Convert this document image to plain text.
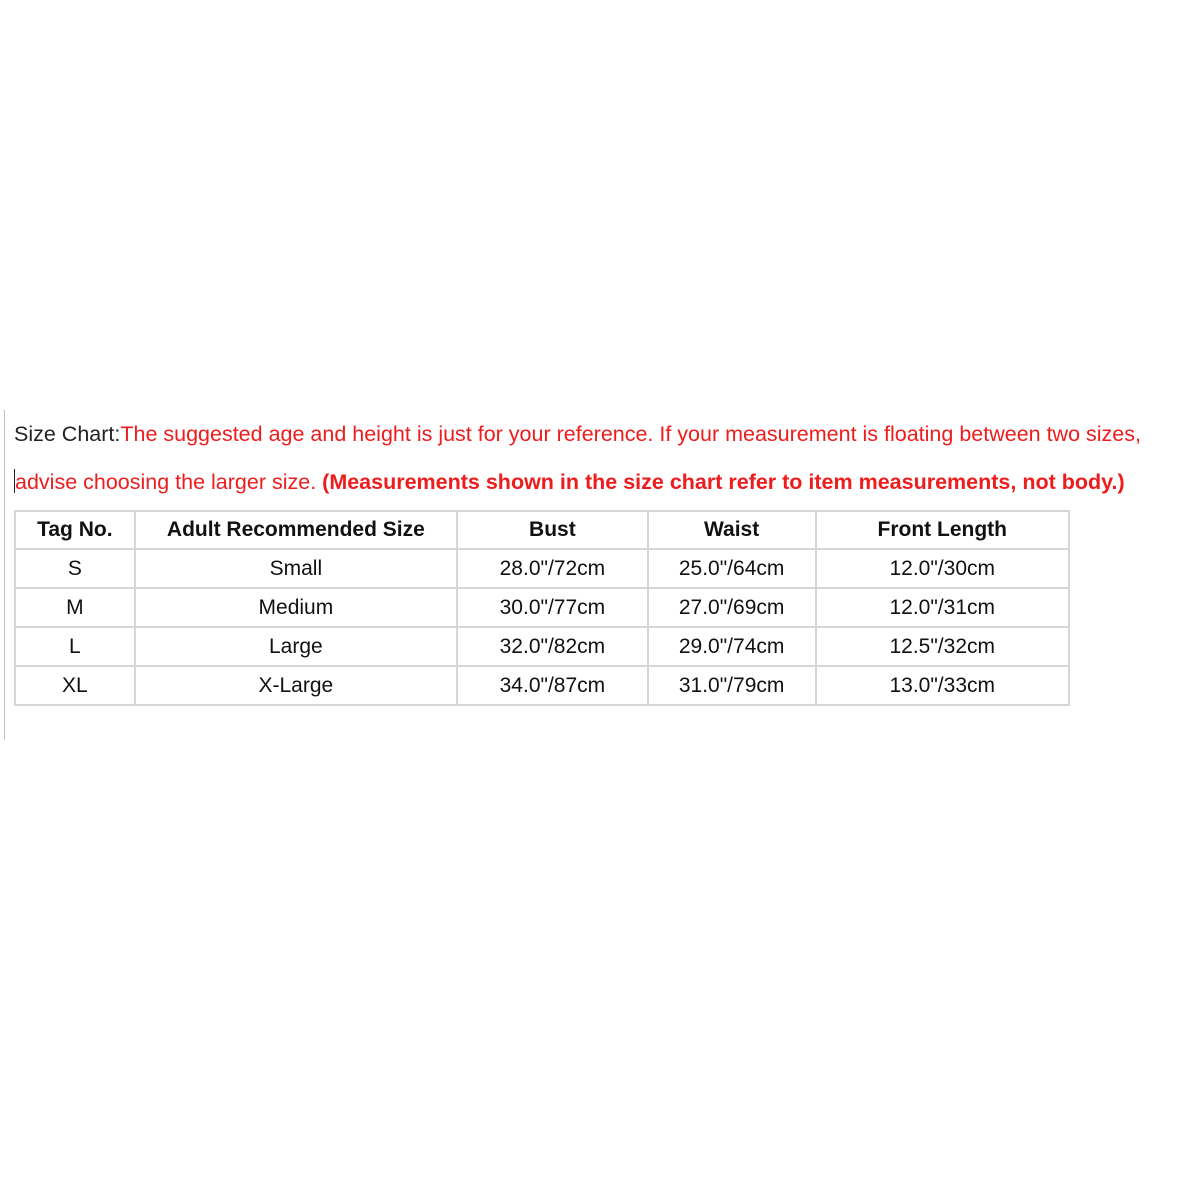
Size Chart:The suggested age and height is just for your reference. If your measurement is floating between two sizes,
advise choosing the larger size. (Measurements shown in the size chart refer to item measurements, not body.)
Tag No.	Adult Recommended Size	Bust	Waist	Front Length
S	Small	28.0"/72cm	25.0"/64cm	12.0"/30cm
M	Medium	30.0"/77cm	27.0"/69cm	12.0"/31cm
L	Large	32.0"/82cm	29.0"/74cm	12.5"/32cm
XL	X-Large	34.0"/87cm	31.0"/79cm	13.0"/33cm
